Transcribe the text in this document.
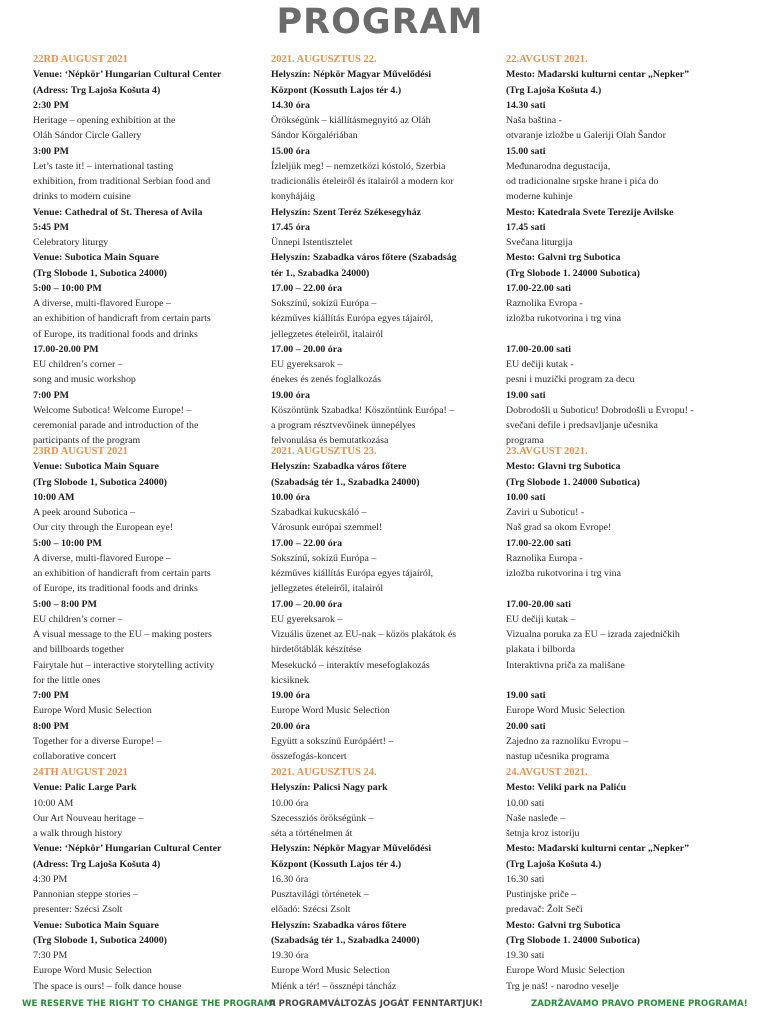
PROGRAM
22RD AUGUST 2021
Venue: ‘Népkör’ Hungarian Cultural Center
(Adress: Trg Lajoša Košuta 4)
2:30 PM
Heritage – opening exhibition at the
Oláh Sándor Circle Gallery
3:00 PM
Let’s taste it! – international tasting
exhibition, from traditional Serbian food and
drinks to modern cuisine
Venue: Cathedral of St. Theresa of Avila
5:45 PM
Celebratory liturgy
Venue: Subotica Main Square
(Trg Slobode 1, Subotica 24000)
5:00 – 10:00 PM
A diverse, multi-flavored Europe –
an exhibition of handicraft from certain parts
of Europe, its traditional foods and drinks
17.00-20.00 PM
EU children’s corner –
song and music workshop
7:00 PM
Welcome Subotica! Welcome Europe! –
ceremonial parade and introduction of the
participants of the program
23RD AUGUST 2021
Venue: Subotica Main Square
(Trg Slobode 1, Subotica 24000)
10:00 AM
A peek around Subotica –
Our city through the European eye!
5:00 – 10:00 PM
A diverse, multi-flavored Europe –
an exhibition of handicraft from certain parts
of Europe, its traditional foods and drinks
5:00 – 8:00 PM
EU children’s corner –
A visual message to the EU – making posters
and billboards together
Fairytale hut – interactive storytelling activity
for the little ones
7:00 PM
Europe Word Music Selection
8:00 PM
Together for a diverse Europe! –
collaborative concert
24TH AUGUST 2021
Venue: Palic Large Park
10:00 AM
Our Art Nouveau heritage –
a walk through history
Venue: ‘Népkör’ Hungarian Cultural Center
(Adress: Trg Lajoša Košuta 4)
4:30 PM
Pannonian steppe stories –
presenter: Szécsi Zsolt
Venue: Subotica Main Square
(Trg Slobode 1, Subotica 24000)
7:30 PM
Europe Word Music Selection
The space is ours! – folk dance house
2021. AUGUSZTUS 22.
Helyszín: Népkör Magyar Művelődési
Központ (Kossuth Lajos tér 4.)
14.30 óra
Örökségünk – kiállításmegnyitó az Oláh
Sándor Körgalériában
15.00 óra
Ízleljük meg! – nemzetközi kóstoló, Szerbia
tradicionális ételeiről és italairól a modern kor
konyhájáig
Helyszín: Szent Teréz Székesegyház
17.45 óra
Ünnepi Istentisztelet
Helyszín: Szabadka város főtere (Szabadság
tér 1., Szabadka 24000)
17.00 – 22.00 óra
Sokszínű, sokízű Európa –
kézműves kiállítás Európa egyes tájairól,
jellegzetes ételeiről, italairól
17.00 – 20.00 óra
EU gyereksarok –
énekes és zenés foglalkozás
19.00 óra
Köszöntünk Szabadka! Köszöntünk Európa! –
a program résztvevőinek ünnepélyes
felvonulása és bemutatkozása
2021. AUGUSZTUS 23.
Helyszín: Szabadka város főtere
(Szabadság tér 1., Szabadka 24000)
10.00 óra
Szabadkai kukucskáló –
Városunk európai szemmel!
17.00 – 22.00 óra
Sokszínű, sokízű Európa –
kézműves kiállítás Európa egyes tájairól,
jellegzetes ételeiről, italairól
17.00 – 20.00 óra
EU gyereksarok –
Vizuális üzenet az EU-nak – közös plakátok és
hirdetőtáblák készítése
Mesekuckó – interaktív mesefoglakozás
kicsiknek
19.00 óra
Europe Word Music Selection
20.00 óra
Együtt a sokszínű Európáért! –
összefogás-koncert
2021. AUGUSZTUS 24.
Helyszín: Palicsi Nagy park
10.00 óra
Szecessziós örökségünk –
séta a történelmen át
Helyszín: Népkör Magyar Művelődési
Központ (Kossuth Lajos tér 4.)
16.30 óra
Pusztavilági történetek –
előadó: Szécsi Zsolt
Helyszín: Szabadka város főtere
(Szabadság tér 1., Szabadka 24000)
19.30 óra
Europe Word Music Selection
Miénk a tér! – össznépi táncház
22.AVGUST 2021.
Mesto: Mađarski kulturni centar „Nepker”
(Trg Lajoša Košuta 4.)
14.30 sati
Naša baština -
otvaranje izložbe u Galeriji Olah Šandor
15.00 sati
Međunarodna degustacija,
od tradicionalne srpske hrane i pića do
moderne kuhinje
Mesto: Katedrala Svete Terezije Avilske
17.45 sati
Svečana liturgija
Mesto: Galvni trg Subotica
(Trg Slobode 1. 24000 Subotica)
17.00-22.00 sati
Raznolika Evropa -
izložba rukotvorina i trg vina
17.00-20.00 sati
EU dečiji kutak -
pesni i muzički program za decu
19.00 sati
Dobrodošli u Suboticu! Dobrodošli u Evropu! -
svečani defile i predsavljanje učesnika
programa
23.AVGUST 2021.
Mesto: Glavni trg Subotica
(Trg Slobode 1. 24000 Subotica)
10.00 sati
Zaviri u Suboticu! -
Naš grad sa okom Evrope!
17.00-22.00 sati
Raznolika Europa -
izložba rukotvorina i trg vina
17.00-20.00 sati
EU dečiji kutak –
Vizualna poruka za EU – izrada zajedničkih
plakata i bilborda
Interaktivna priča za mališane
19.00 sati
Europe Word Music Selection
20.00 sati
Zajedno za raznoliku Evropu –
nastup učesnika programa
24.AVGUST 2021.
Mesto: Veliki park na Paliću
10.00 sati
Naše nasleđe –
šetnja kroz istoriju
Mesto: Mađarski kulturni centar „Nepker”
(Trg Lajoša Košuta 4.)
16.30 sati
Pustinjske priče –
predavač: Žolt Seči
Mesto: Galvni trg Subotica
(Trg Slobode 1. 24000 Subotica)
19.30 sati
Europe Word Music Selection
Trg je naš! - narodno veselje
WE RESERVE THE RIGHT TO CHANGE THE PROGRAM!
A PROGRAMVÁLTOZÁS JOGÁT FENNTARTJUK!	ZADRŽAVAMO PRAVO PROMENE PROGRAMA!
